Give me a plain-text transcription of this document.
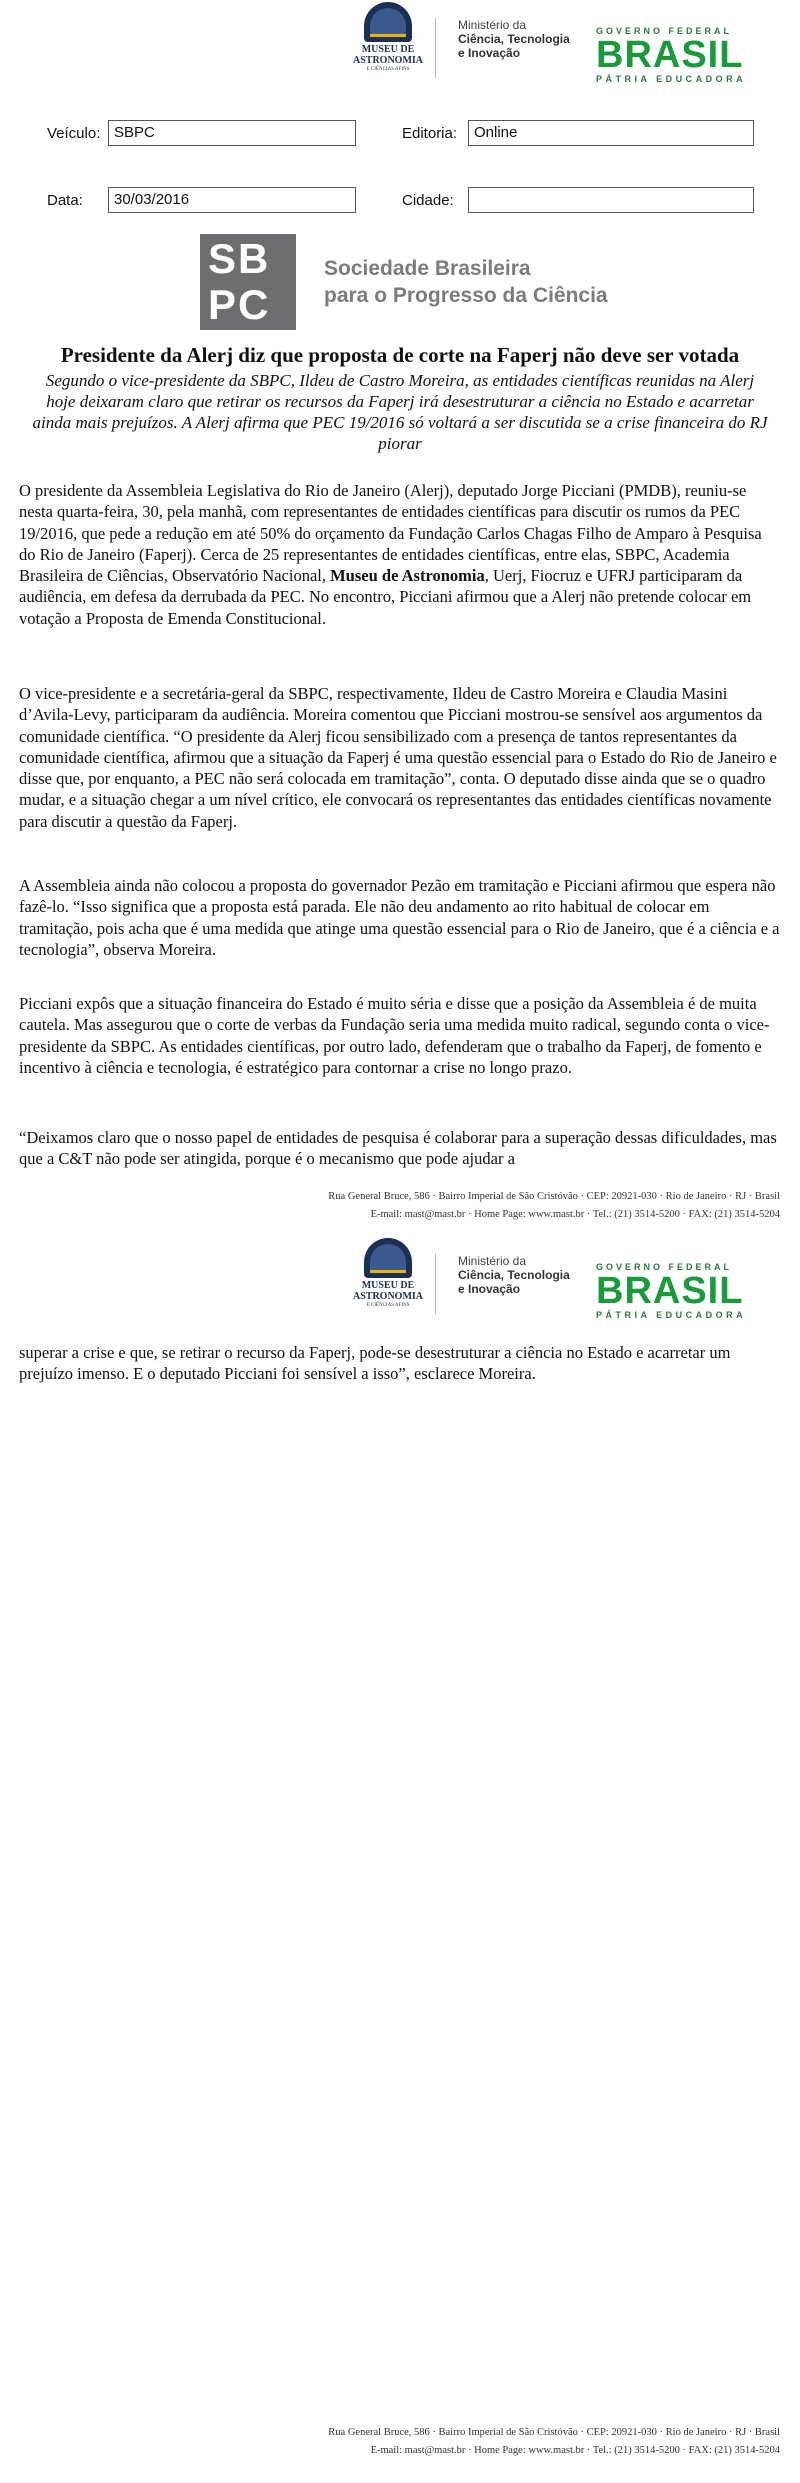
MUSEU DE
ASTRONOMIA
E CIÊNCIAS AFINS
Ministério da
Ciência, Tecnologia
e Inovação
GOVERNO FEDERAL
BRASIL
PÁTRIA EDUCADORA
Veículo: SBPC	Editoria:	Online
Data:	30/03/2016	Cidade:
SB
PC
Sociedade Brasileira
para o Progresso da Ciência
Presidente da Alerj diz que proposta de corte na Faperj não deve ser votada
Segundo o vice-presidente da SBPC, Ildeu de Castro Moreira, as entidades científicas reunidas na Alerj hoje deixaram claro que retirar os recursos da Faperj irá desestruturar a ciência no Estado e acarretar ainda mais prejuízos. A Alerj afirma que PEC 19/2016 só voltará a ser discutida se a crise financeira do RJ piorar
O presidente da Assembleia Legislativa do Rio de Janeiro (Alerj), deputado Jorge Picciani (PMDB), reuniu-se nesta quarta-feira, 30, pela manhã, com representantes de entidades científicas para discutir os rumos da PEC 19/2016, que pede a redução em até 50% do orçamento da Fundação Carlos Chagas Filho de Amparo à Pesquisa do Rio de Janeiro (Faperj). Cerca de 25 representantes de entidades científicas, entre elas, SBPC, Academia Brasileira de Ciências, Observatório Nacional, Museu de Astronomia, Uerj, Fiocruz e UFRJ participaram da audiência, em defesa da derrubada da PEC. No encontro, Picciani afirmou que a Alerj não pretende colocar em votação a Proposta de Emenda Constitucional.
O vice-presidente e a secretária-geral da SBPC, respectivamente, Ildeu de Castro Moreira e Claudia Masini d’Avila-Levy, participaram da audiência. Moreira comentou que Picciani mostrou-se sensível aos argumentos da comunidade científica. “O presidente da Alerj ficou sensibilizado com a presença de tantos representantes da comunidade científica, afirmou que a situação da Faperj é uma questão essencial para o Estado do Rio de Janeiro e disse que, por enquanto, a PEC não será colocada em tramitação”, conta. O deputado disse ainda que se o quadro mudar, e a situação chegar a um nível crítico, ele convocará os representantes das entidades científicas novamente para discutir a questão da Faperj.
A Assembleia ainda não colocou a proposta do governador Pezão em tramitação e Picciani afirmou que espera não fazê-lo. “Isso significa que a proposta está parada. Ele não deu andamento ao rito habitual de colocar em tramitação, pois acha que é uma medida que atinge uma questão essencial para o Rio de Janeiro, que é a ciência e a tecnologia”, observa Moreira.
Picciani expôs que a situação financeira do Estado é muito séria e disse que a posição da Assembleia é de muita cautela. Mas assegurou que o corte de verbas da Fundação seria uma medida muito radical, segundo conta o vice-presidente da SBPC. As entidades científicas, por outro lado, defenderam que o trabalho da Faperj, de fomento e incentivo à ciência e tecnologia, é estratégico para contornar a crise no longo prazo.
“Deixamos claro que o nosso papel de entidades de pesquisa é colaborar para a superação dessas dificuldades, mas que a C&T não pode ser atingida, porque é o mecanismo que pode ajudar a
Rua General Bruce, 586 · Bairro Imperial de São Cristóvão · CEP: 20921-030 · Rio de Janeiro · RJ · Brasil
E-mail: mast@mast.br · Home Page: www.mast.br · Tel.: (21) 3514-5200 · FAX: (21) 3514-5204
MUSEU DE
ASTRONOMIA
E CIÊNCIAS AFINS
Ministério da
Ciência, Tecnologia
e Inovação
GOVERNO FEDERAL
BRASIL
PÁTRIA EDUCADORA
superar a crise e que, se retirar o recurso da Faperj, pode-se desestruturar a ciência no Estado e acarretar um prejuízo imenso. E o deputado Picciani foi sensível a isso”, esclarece Moreira.
Rua General Bruce, 586 · Bairro Imperial de São Cristóvão · CEP: 20921-030 · Rio de Janeiro · RJ · Brasil
E-mail: mast@mast.br · Home Page: www.mast.br · Tel.: (21) 3514-5200 · FAX: (21) 3514-5204
